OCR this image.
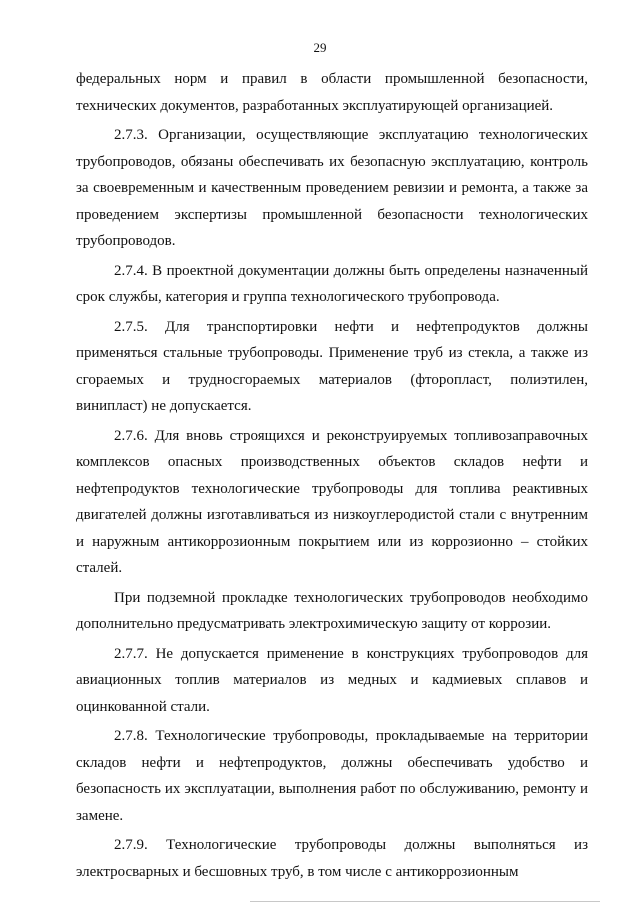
29

федеральных норм и правил в области промышленной безопасности, технических документов, разработанных эксплуатирующей организацией.

2.7.3. Организации, осуществляющие эксплуатацию технологических трубопроводов, обязаны обеспечивать их безопасную эксплуатацию, контроль за своевременным и качественным проведением ревизии и ремонта, а также за проведением экспертизы промышленной безопасности технологических трубопроводов.

2.7.4. В проектной документации должны быть определены назначенный срок службы, категория и группа технологического трубопровода.

2.7.5. Для транспортировки нефти и нефтепродуктов должны применяться стальные трубопроводы. Применение труб из стекла, а также из сгораемых и трудносгораемых материалов (фторопласт, полиэтилен, винипласт) не допускается.

2.7.6. Для вновь строящихся и реконструируемых топливозаправочных комплексов опасных производственных объектов складов нефти и нефтепродуктов технологические трубопроводы для топлива реактивных двигателей должны изготавливаться из низкоуглеродистой стали с внутренним и наружным антикоррозионным покрытием или из коррозионно – стойких сталей.

При подземной прокладке технологических трубопроводов необходимо дополнительно предусматривать электрохимическую защиту от коррозии.

2.7.7. Не допускается применение в конструкциях трубопроводов для авиационных топлив материалов из медных и кадмиевых сплавов и оцинкованной стали.

2.7.8. Технологические трубопроводы, прокладываемые на территории складов нефти и нефтепродуктов, должны обеспечивать удобство и безопасность их эксплуатации, выполнения работ по обслуживанию, ремонту и замене.

2.7.9. Технологические трубопроводы должны выполняться из электросварных и бесшовных труб, в том числе с антикоррозионным
